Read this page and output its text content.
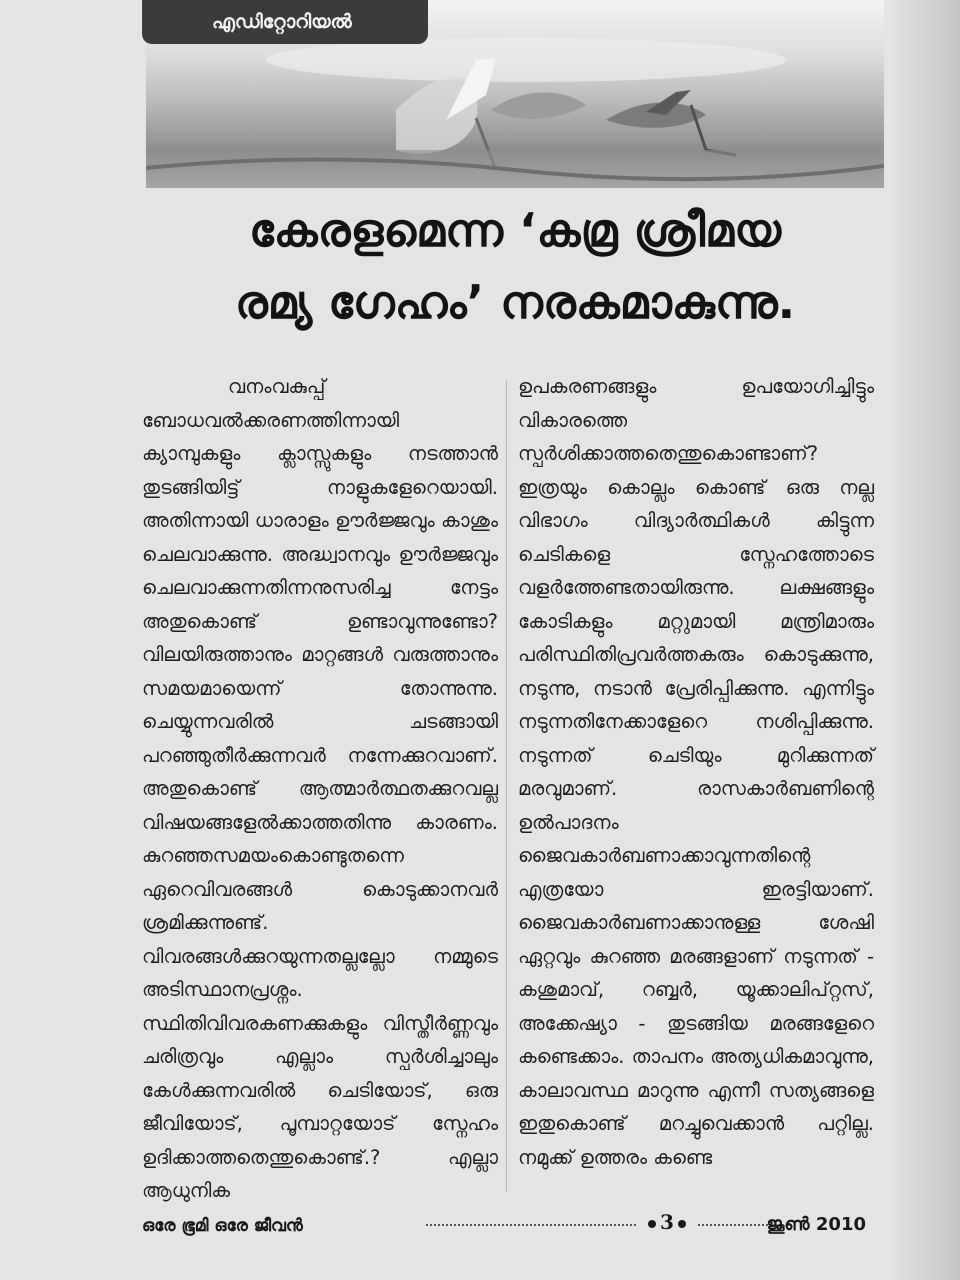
എഡിറ്റോറിയൽ
കേരളമെന്ന ‘കമ്ര ശ്രീമയ
രമ്യ ഗേഹം’ നരകമാകുന്നു.

വനംവകുപ്പ് ബോധവൽക്കരണത്തിന്നായി ക്യാമ്പുകളും ക്ലാസ്സുകളും നടത്താൻ തുടങ്ങിയിട്ട് നാളുകളേറെയായി. അതിന്നായി ധാരാളം ഊർജ്ജവും കാശും ചെലവാക്കുന്നു. അദ്ധ്വാനവും ഊർജ്ജവും ചെലവാക്കുന്നതിന്നനുസരിച്ച നേട്ടം അതുകൊണ്ട് ഉണ്ടാവുന്നുണ്ടോ? വിലയിരുത്താനും മാറ്റങ്ങൾ വരുത്താനും സമയമായെന്ന് തോന്നുന്നു. ചെയ്യുന്നവരിൽ ചടങ്ങായി പറഞ്ഞുതീർക്കുന്നവർ നന്നേക്കുറവാണ്. അതുകൊണ്ട് ആത്മാർത്ഥതക്കുറവല്ല വിഷയങ്ങളേൽക്കാത്തതിന്നു കാരണം. കുറഞ്ഞസമയംകൊണ്ടുതന്നെ ഏറെവിവരങ്ങൾ കൊടുക്കാനവർ ശ്രമിക്കുന്നുണ്ട്. വിവരങ്ങൾക്കുറയുന്നതല്ലല്ലോ നമ്മുടെ അടിസ്ഥാനപ്രശ്നം. സ്ഥിതിവിവരകണക്കുകളും വിസ്തീർണ്ണവും ചരിത്രവും എല്ലാം സ്പർശിച്ചാലും കേൾക്കുന്നവരിൽ ചെടിയോട്, ഒരു ജീവിയോട്, പൂമ്പാറ്റയോട് സ്നേഹം ഉദിക്കാത്തതെന്തുകൊണ്ട്.? എല്ലാ ആധുനിക

ഉപകരണങ്ങളും ഉപയോഗിച്ചിട്ടും വികാരത്തെ സ്പർശിക്കാത്തതെന്തുകൊണ്ടാണ്? ഇത്രയും കൊല്ലം കൊണ്ട് ഒരു നല്ല വിഭാഗം വിദ്യാർത്ഥികൾ കിട്ടുന്ന ചെടികളെ സ്നേഹത്തോടെ വളർത്തേണ്ടതായിരുന്നു. ലക്ഷങ്ങളും കോടികളും മറ്റുമായി മന്ത്രിമാരും പരിസ്ഥിതിപ്രവർത്തകരും കൊടുക്കുന്നു, നടുന്നു, നടാൻ പ്രേരിപ്പിക്കുന്നു. എന്നിട്ടും നടുന്നതിനേക്കാളേറെ നശിപ്പിക്കുന്നു. നടുന്നത് ചെടിയും മുറിക്കുന്നത് മരവുമാണ്. രാസകാർബണിന്റെ ഉൽപാദനം ജൈവകാർബണാക്കാവുന്നതിന്റെ എത്രയോ ഇരട്ടിയാണ്. ജൈവകാർബണാക്കാനുള്ള ശേഷി ഏറ്റവും കുറഞ്ഞ മരങ്ങളാണ് നടുന്നത് - കശുമാവ്, റബ്ബർ, യൂക്കാലിപ്റ്റസ്, അക്കേഷ്യാ - തുടങ്ങിയ മരങ്ങളേറെ കണ്ടെക്കാം. താപനം അത്യധികമാവുന്നു, കാലാവസ്ഥ മാറുന്നു എന്നീ സത്യങ്ങളെ ഇതുകൊണ്ട് മറച്ചുവെക്കാൻ പറ്റില്ല. നമുക്ക് ഉത്തരം കണ്ടെ

ഒരേ ഭൂമി ഒരേ ജീവൻ	3	ജൂൺ 2010
